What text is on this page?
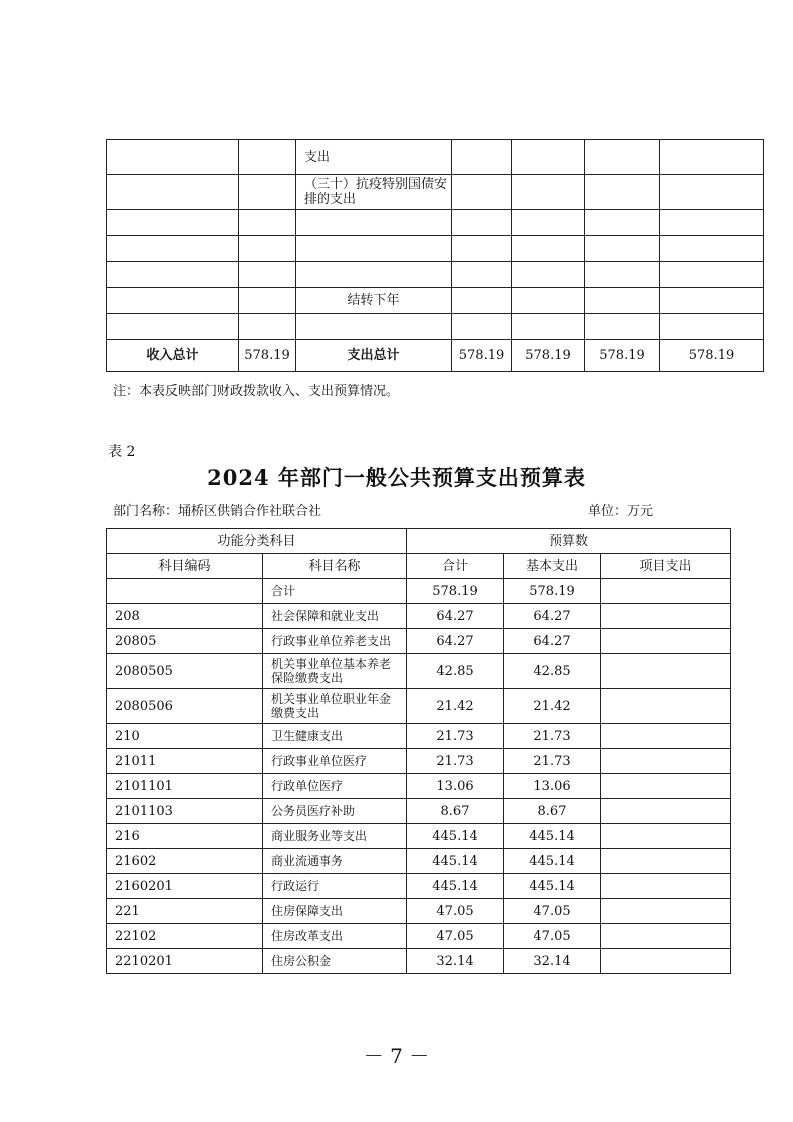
		支出				
		（三十）抗疫特别国债安排的支出				

		结转下年				

收入总计	578.19	支出总计	578.19	578.19	578.19	578.19
注：本表反映部门财政拨款收入、支出预算情况。
表 2
2024 年部门一般公共预算支出预算表
部门名称：埇桥区供销合作社联合社	单位：万元
功能分类科目		预算数		
科目编码	科目名称	合计	基本支出	项目支出
	合计	578.19	578.19	
208	社会保障和就业支出	64.27	64.27	
20805	行政事业单位养老支出	64.27	64.27	
2080505	机关事业单位基本养老保险缴费支出	42.85	42.85	
2080506	机关事业单位职业年金缴费支出	21.42	21.42	
210	卫生健康支出	21.73	21.73	
21011	行政事业单位医疗	21.73	21.73	
2101101	行政单位医疗	13.06	13.06	
2101103	公务员医疗补助	8.67	8.67	
216	商业服务业等支出	445.14	445.14	
21602	商业流通事务	445.14	445.14	
2160201	行政运行	445.14	445.14	
221	住房保障支出	47.05	47.05	
22102	住房改革支出	47.05	47.05	
2210201	住房公积金	32.14	32.14	
－ 7 －
